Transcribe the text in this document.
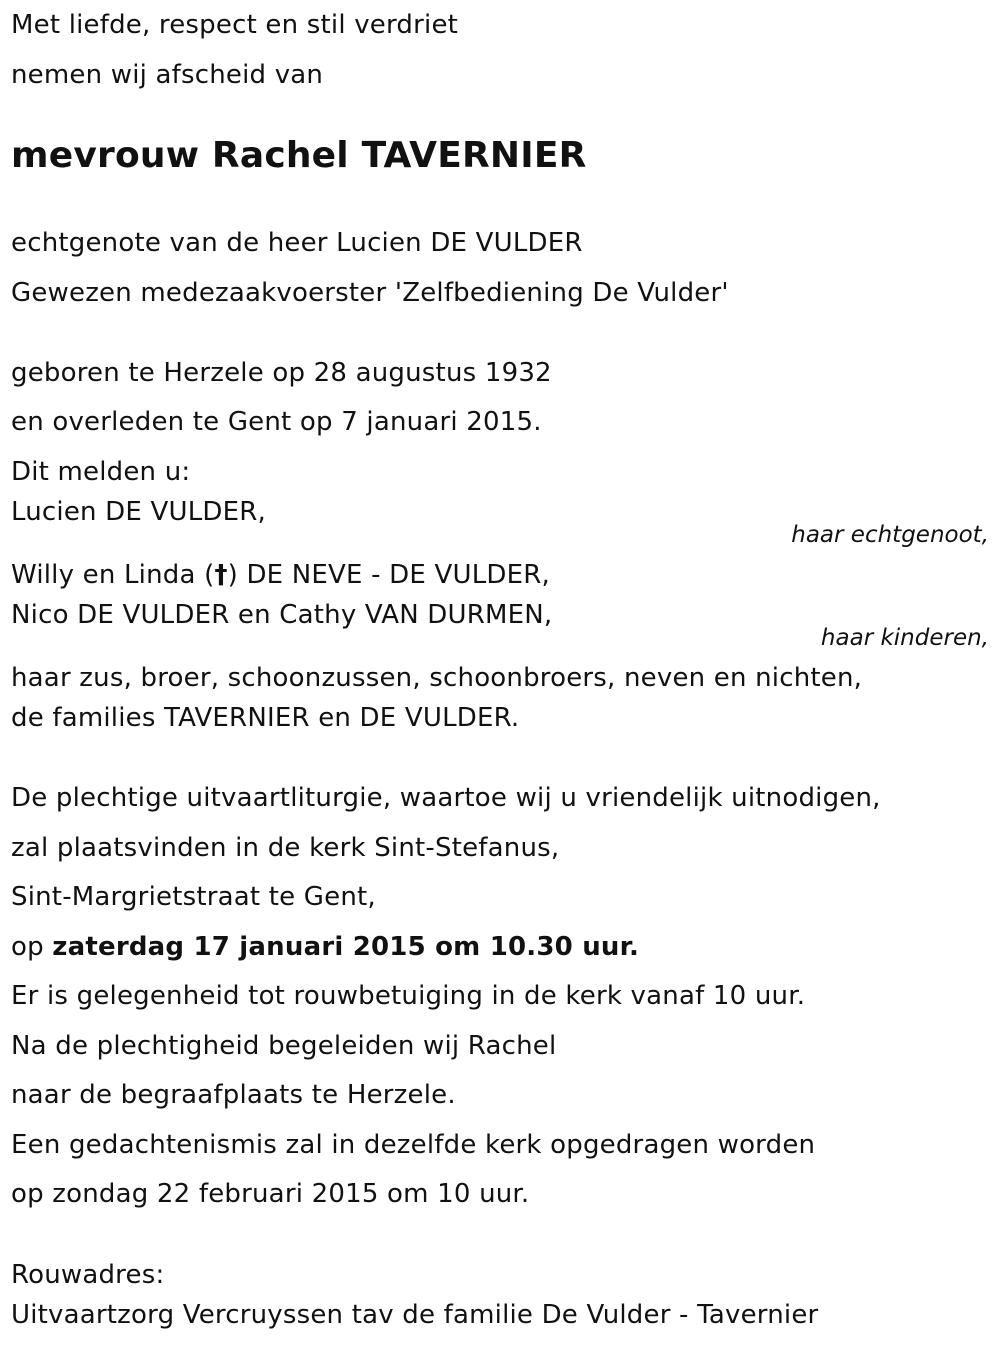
Met liefde, respect en stil verdriet
nemen wij afscheid van
mevrouw Rachel TAVERNIER
echtgenote van de heer Lucien DE VULDER
Gewezen medezaakvoerster 'Zelfbediening De Vulder'
geboren te Herzele op 28 augustus 1932
en overleden te Gent op 7 januari 2015.
Dit melden u:
Lucien DE VULDER,
haar echtgenoot,
Willy en Linda (†) DE NEVE - DE VULDER,
Nico DE VULDER en Cathy VAN DURMEN,
haar kinderen,
haar zus, broer, schoonzussen, schoonbroers, neven en nichten,
de families TAVERNIER en DE VULDER.
De plechtige uitvaartliturgie, waartoe wij u vriendelijk uitnodigen,
zal plaatsvinden in de kerk Sint-Stefanus,
Sint-Margrietstraat te Gent,
op zaterdag 17 januari 2015 om 10.30 uur.
Er is gelegenheid tot rouwbetuiging in de kerk vanaf 10 uur.
Na de plechtigheid begeleiden wij Rachel
naar de begraafplaats te Herzele.
Een gedachtenismis zal in dezelfde kerk opgedragen worden
op zondag 22 februari 2015 om 10 uur.
Rouwadres:
Uitvaartzorg Vercruyssen tav de familie De Vulder - Tavernier
